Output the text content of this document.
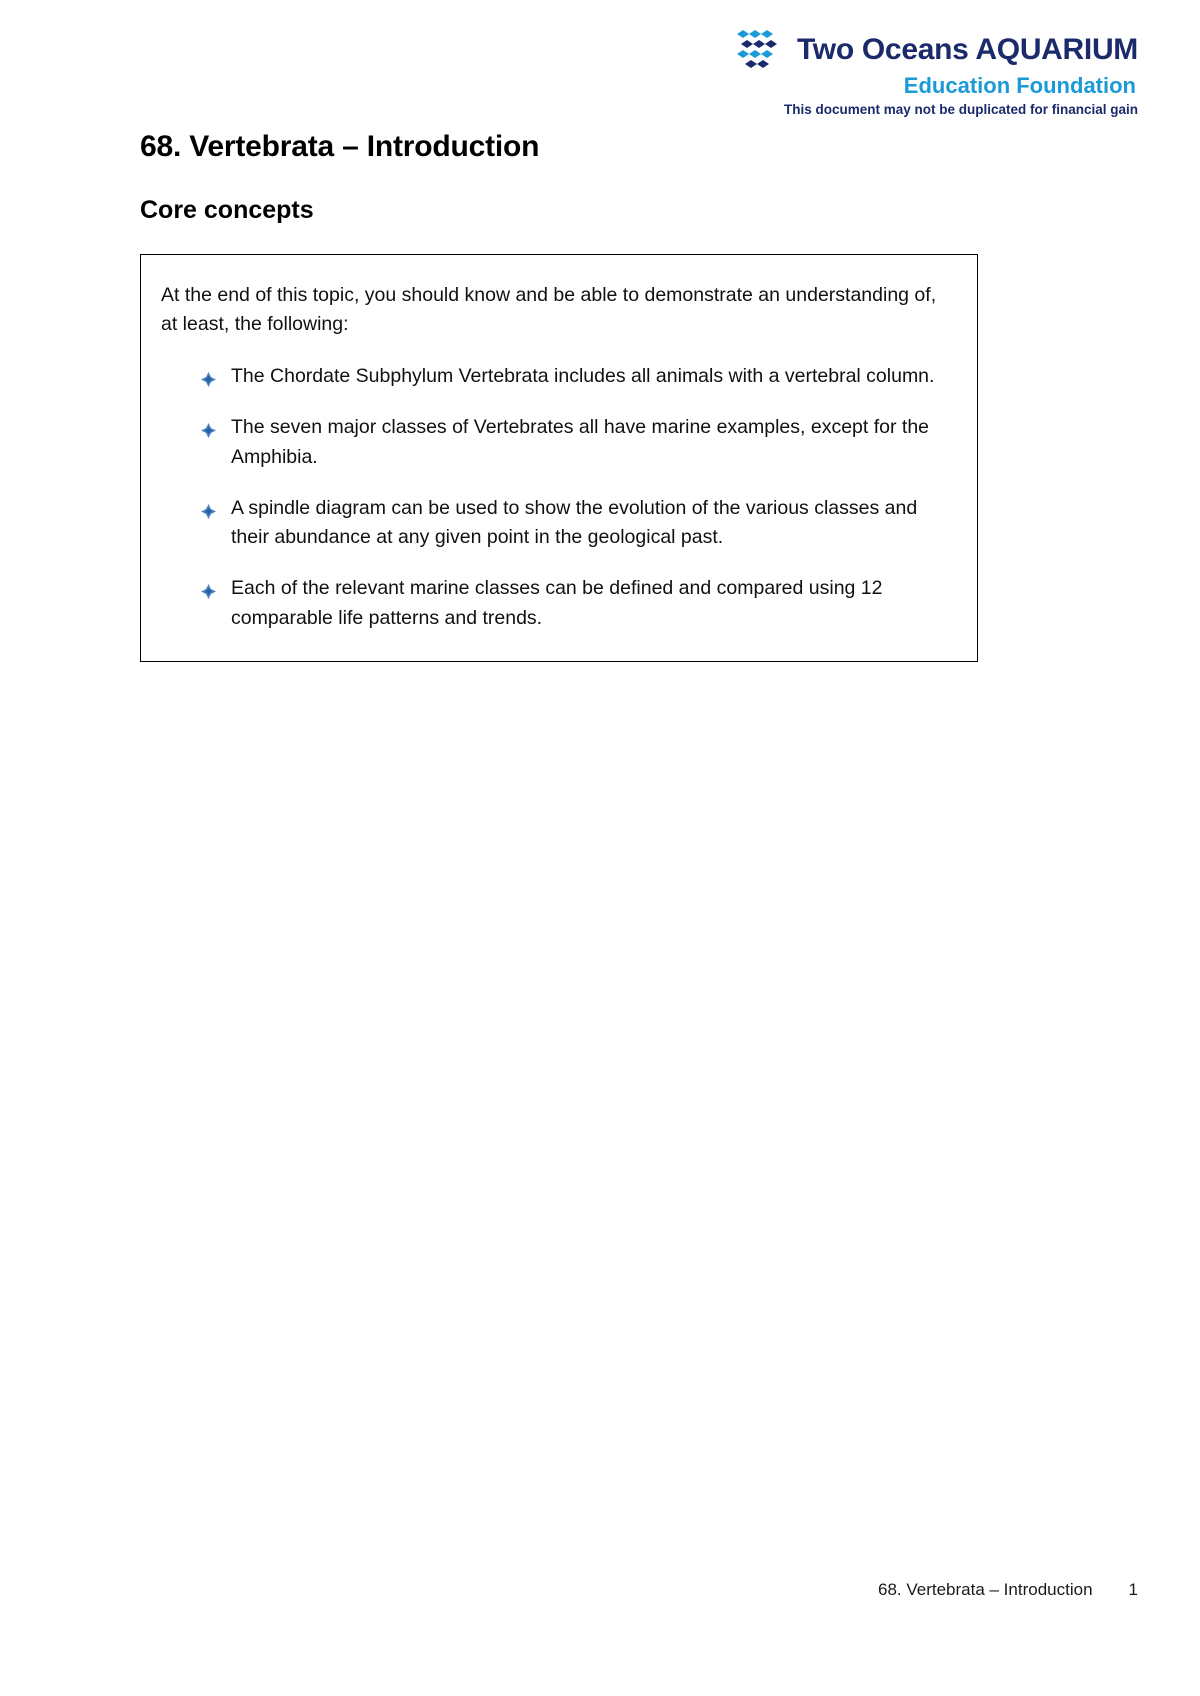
Two Oceans AQUARIUM
Education Foundation
This document may not be duplicated for financial gain
68. Vertebrata – Introduction
Core concepts

At the end of this topic, you should know and be able to demonstrate an understanding of, at least, the following:

The Chordate Subphylum Vertebrata includes all animals with a vertebral column.
The seven major classes of Vertebrates all have marine examples, except for the Amphibia.
A spindle diagram can be used to show the evolution of the various classes and their abundance at any given point in the geological past.
Each of the relevant marine classes can be defined and compared using 12 comparable life patterns and trends.
68. Vertebrata – Introduction 1
